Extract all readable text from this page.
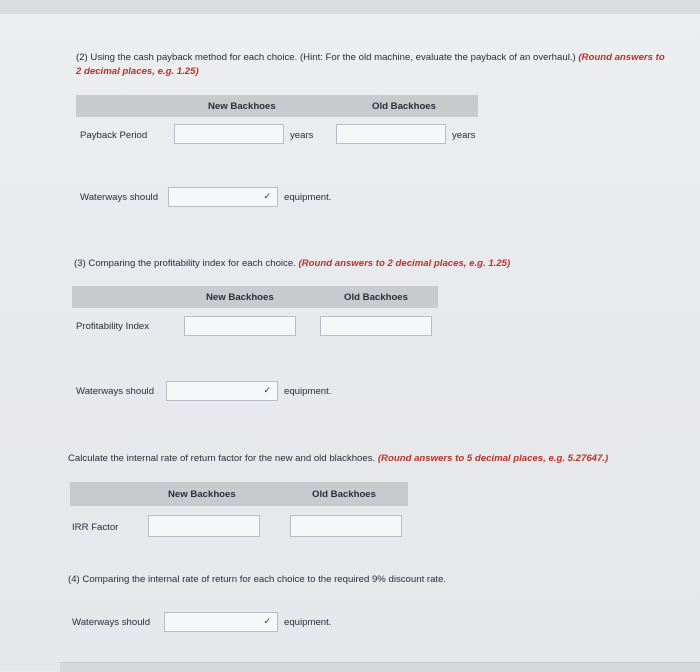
(2) Using the cash payback method for each choice. (Hint: For the old machine, evaluate the payback of an overhaul.) (Round answers to
2 decimal places, e.g. 1.25)
New Backhoes	Old Backhoes
Payback Period	years	years
Waterways should	✓ equipment.
(3) Comparing the profitability index for each choice. (Round answers to 2 decimal places, e.g. 1.25)
New Backhoes	Old Backhoes
Profitability Index
Waterways should	✓ equipment.
Calculate the internal rate of return factor for the new and old blackhoes. (Round answers to 5 decimal places, e.g. 5.27647.)
New Backhoes	Old Backhoes
IRR Factor
(4) Comparing the internal rate of return for each choice to the required 9% discount rate.
Waterways should	✓ equipment.
